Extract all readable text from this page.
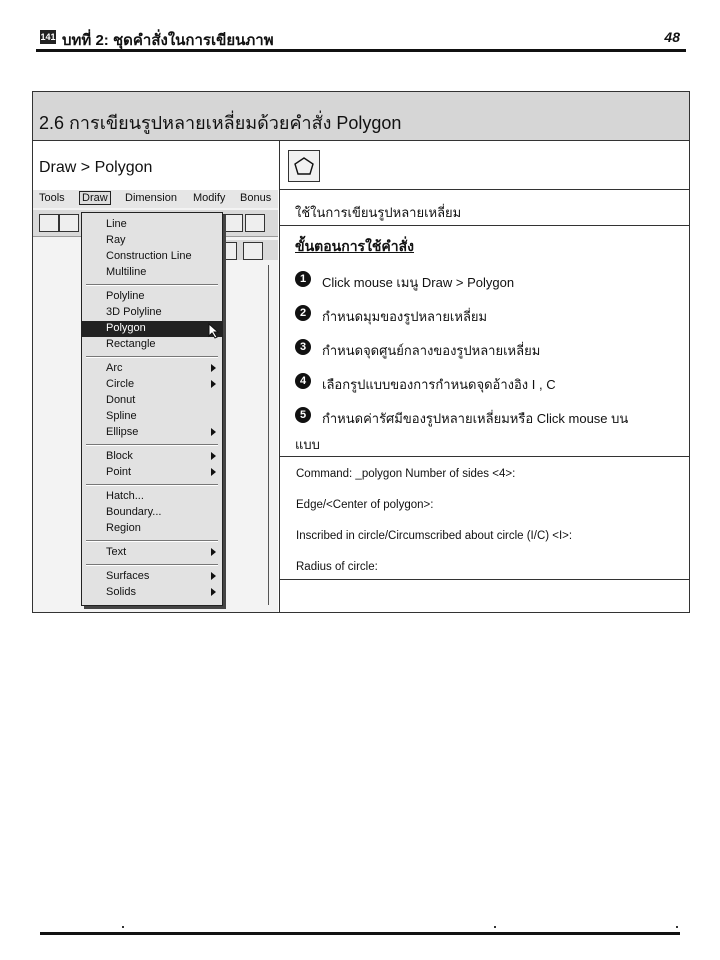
141 บทที่ 2: ชุดคำสั่งในการเขียนภาพ	48
2.6 การเขียนรูปหลายเหลี่ยมด้วยคำสั่ง Polygon
Draw > Polygon
Tools Draw Dimension Modify Bonus
Line
Ray
Construction Line
Multiline
Polyline
3D Polyline
Polygon
Rectangle
Arc
Circle
Donut
Spline
Ellipse
Block
Point
Hatch...
Boundary...
Region
Text
Surfaces
Solids
ใช้ในการเขียนรูปหลายเหลี่ยม
ขั้นตอนการใช้คำสั่ง
1	Click mouse เมนู Draw > Polygon
2	กำหนดมุมของรูปหลายเหลี่ยม
3	กำหนดจุดศูนย์กลางของรูปหลายเหลี่ยม
4	เลือกรูปแบบของการกำหนดจุดอ้างอิง I , C
5	กำหนดค่ารัศมีของรูปหลายเหลี่ยมหรือ Click mouse บน
แบบ
Command: _polygon Number of sides <4>:
Edge/<Center of polygon>:
Inscribed in circle/Circumscribed about circle (I/C) <I>:
Radius of circle:
